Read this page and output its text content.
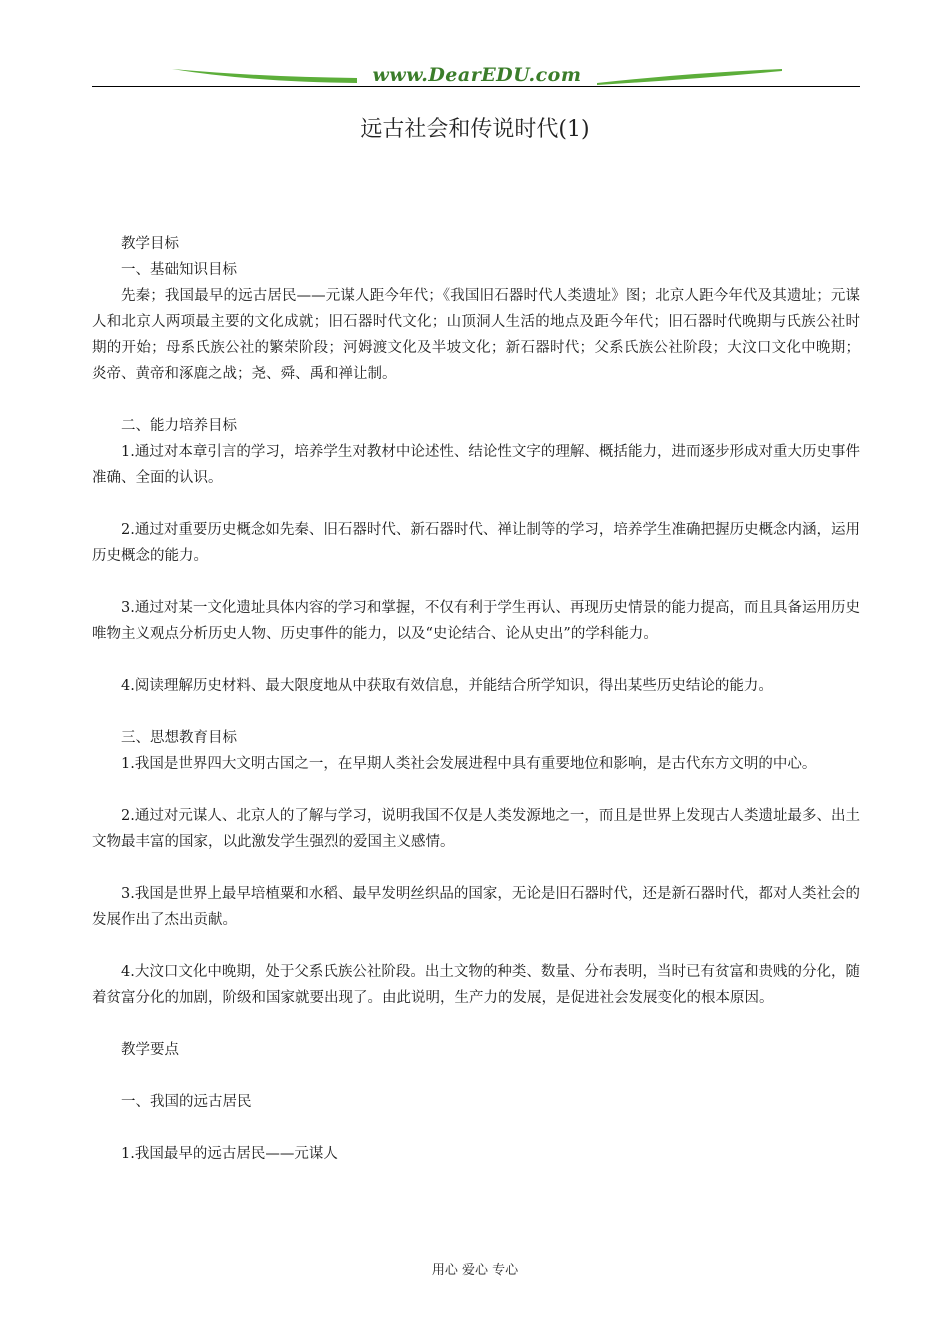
www.DearEDU.com
远古社会和传说时代(1)

教学目标

一、基础知识目标

先秦；我国最早的远古居民——元谋人距今年代；《我国旧石器时代人类遗址》图；北京人距今年代及其遗址；元谋人和北京人两项最主要的文化成就；旧石器时代文化；山顶洞人生活的地点及距今年代；旧石器时代晚期与氏族公社时期的开始；母系氏族公社的繁荣阶段；河姆渡文化及半坡文化；新石器时代；父系氏族公社阶段；大汶口文化中晚期；炎帝、黄帝和涿鹿之战；尧、舜、禹和禅让制。

二、能力培养目标

1.通过对本章引言的学习，培养学生对教材中论述性、结论性文字的理解、概括能力，进而逐步形成对重大历史事件准确、全面的认识。

2.通过对重要历史概念如先秦、旧石器时代、新石器时代、禅让制等的学习，培养学生准确把握历史概念内涵，运用历史概念的能力。

3.通过对某一文化遗址具体内容的学习和掌握，不仅有利于学生再认、再现历史情景的能力提高，而且具备运用历史唯物主义观点分析历史人物、历史事件的能力，以及“史论结合、论从史出”的学科能力。

4.阅读理解历史材料、最大限度地从中获取有效信息，并能结合所学知识，得出某些历史结论的能力。

三、思想教育目标

1.我国是世界四大文明古国之一，在早期人类社会发展进程中具有重要地位和影响，是古代东方文明的中心。

2.通过对元谋人、北京人的了解与学习，说明我国不仅是人类发源地之一，而且是世界上发现古人类遗址最多、出土文物最丰富的国家，以此激发学生强烈的爱国主义感情。

3.我国是世界上最早培植粟和水稻、最早发明丝织品的国家，无论是旧石器时代，还是新石器时代，都对人类社会的发展作出了杰出贡献。

4.大汶口文化中晚期，处于父系氏族公社阶段。出土文物的种类、数量、分布表明，当时已有贫富和贵贱的分化，随着贫富分化的加剧，阶级和国家就要出现了。由此说明，生产力的发展，是促进社会发展变化的根本原因。

教学要点

一、我国的远古居民

1.我国最早的远古居民——元谋人

用心 爱心 专心
